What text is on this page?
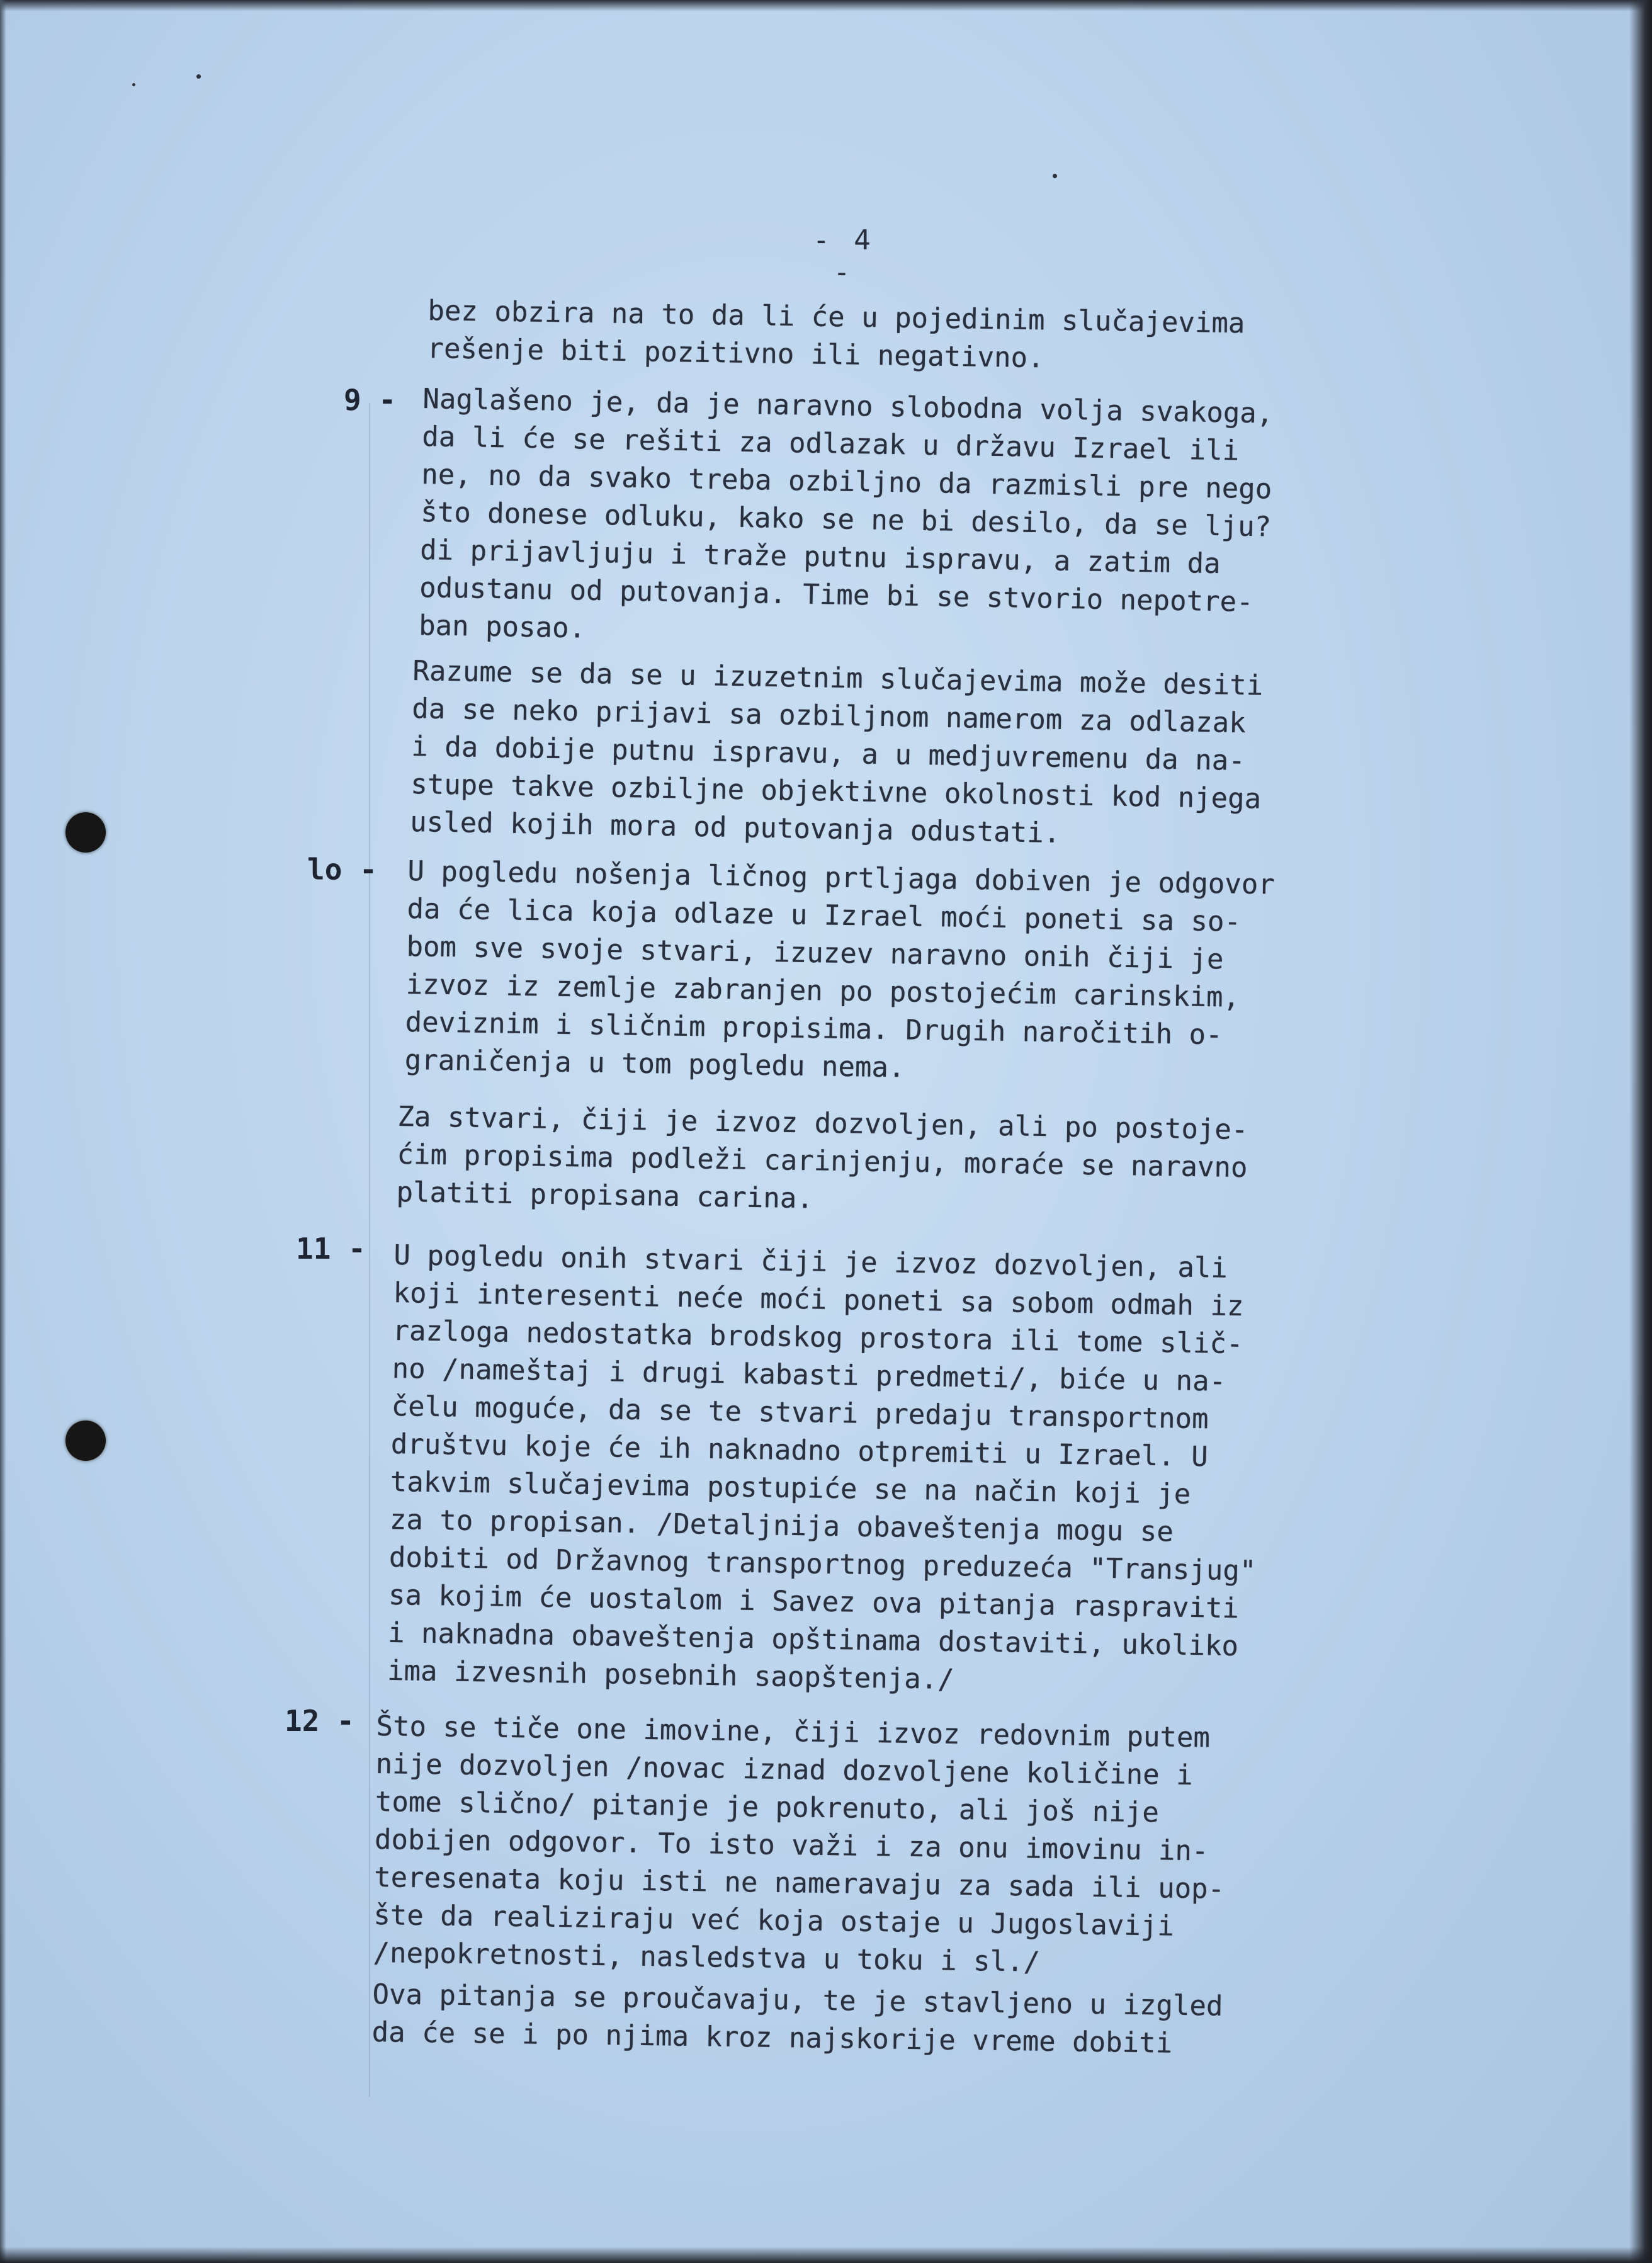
- 4 -
bez obzira na to da li će u pojedinim slučajevima
rešenje biti pozitivno ili negativno.
9 - Naglašeno je, da je naravno slobodna volja svakoga,
da li će se rešiti za odlazak u državu Izrael ili
ne, no da svako treba ozbiljno da razmisli pre nego
što donese odluku, kako se ne bi desilo, da se lju?
di prijavljuju i traže putnu ispravu, a zatim da
odustanu od putovanja. Time bi se stvorio nepotre-
ban posao.
Razume se da se u izuzetnim slučajevima može desiti
da se neko prijavi sa ozbiljnom namerom za odlazak
i da dobije putnu ispravu, a u medjuvremenu da na-
stupe takve ozbiljne objektivne okolnosti kod njega
usled kojih mora od putovanja odustati.
lo - U pogledu nošenja ličnog prtljaga dobiven je odgovor
da će lica koja odlaze u Izrael moći poneti sa so-
bom sve svoje stvari, izuzev naravno onih čiji je
izvoz iz zemlje zabranjen po postojećim carinskim,
deviznim i sličnim propisima. Drugih naročitih o-
graničenja u tom pogledu nema.
Za stvari, čiji je izvoz dozvoljen, ali po postoje-
ćim propisima podleži carinjenju, moraće se naravno
platiti propisana carina.
11 - U pogledu onih stvari čiji je izvoz dozvoljen, ali
koji interesenti neće moći poneti sa sobom odmah iz
razloga nedostatka brodskog prostora ili tome slič-
no /nameštaj i drugi kabasti predmeti/, biće u na-
čelu moguće, da se te stvari predaju transportnom
društvu koje će ih naknadno otpremiti u Izrael. U
takvim slučajevima postupiće se na način koji je
za to propisan. /Detaljnija obaveštenja mogu se
dobiti od Državnog transportnog preduzeća "Transjug"
sa kojim će uostalom i Savez ova pitanja raspraviti
i naknadna obaveštenja opštinama dostaviti, ukoliko
ima izvesnih posebnih saopštenja./
12 - Što se tiče one imovine, čiji izvoz redovnim putem
nije dozvoljen /novac iznad dozvoljene količine i
tome slično/ pitanje je pokrenuto, ali još nije
dobijen odgovor. To isto važi i za onu imovinu in-
teresenata koju isti ne nameravaju za sada ili uop-
šte da realiziraju već koja ostaje u Jugoslaviji
/nepokretnosti, nasledstva u toku i sl./
Ova pitanja se proučavaju, te je stavljeno u izgled
da će se i po njima kroz najskorije vreme dobiti
